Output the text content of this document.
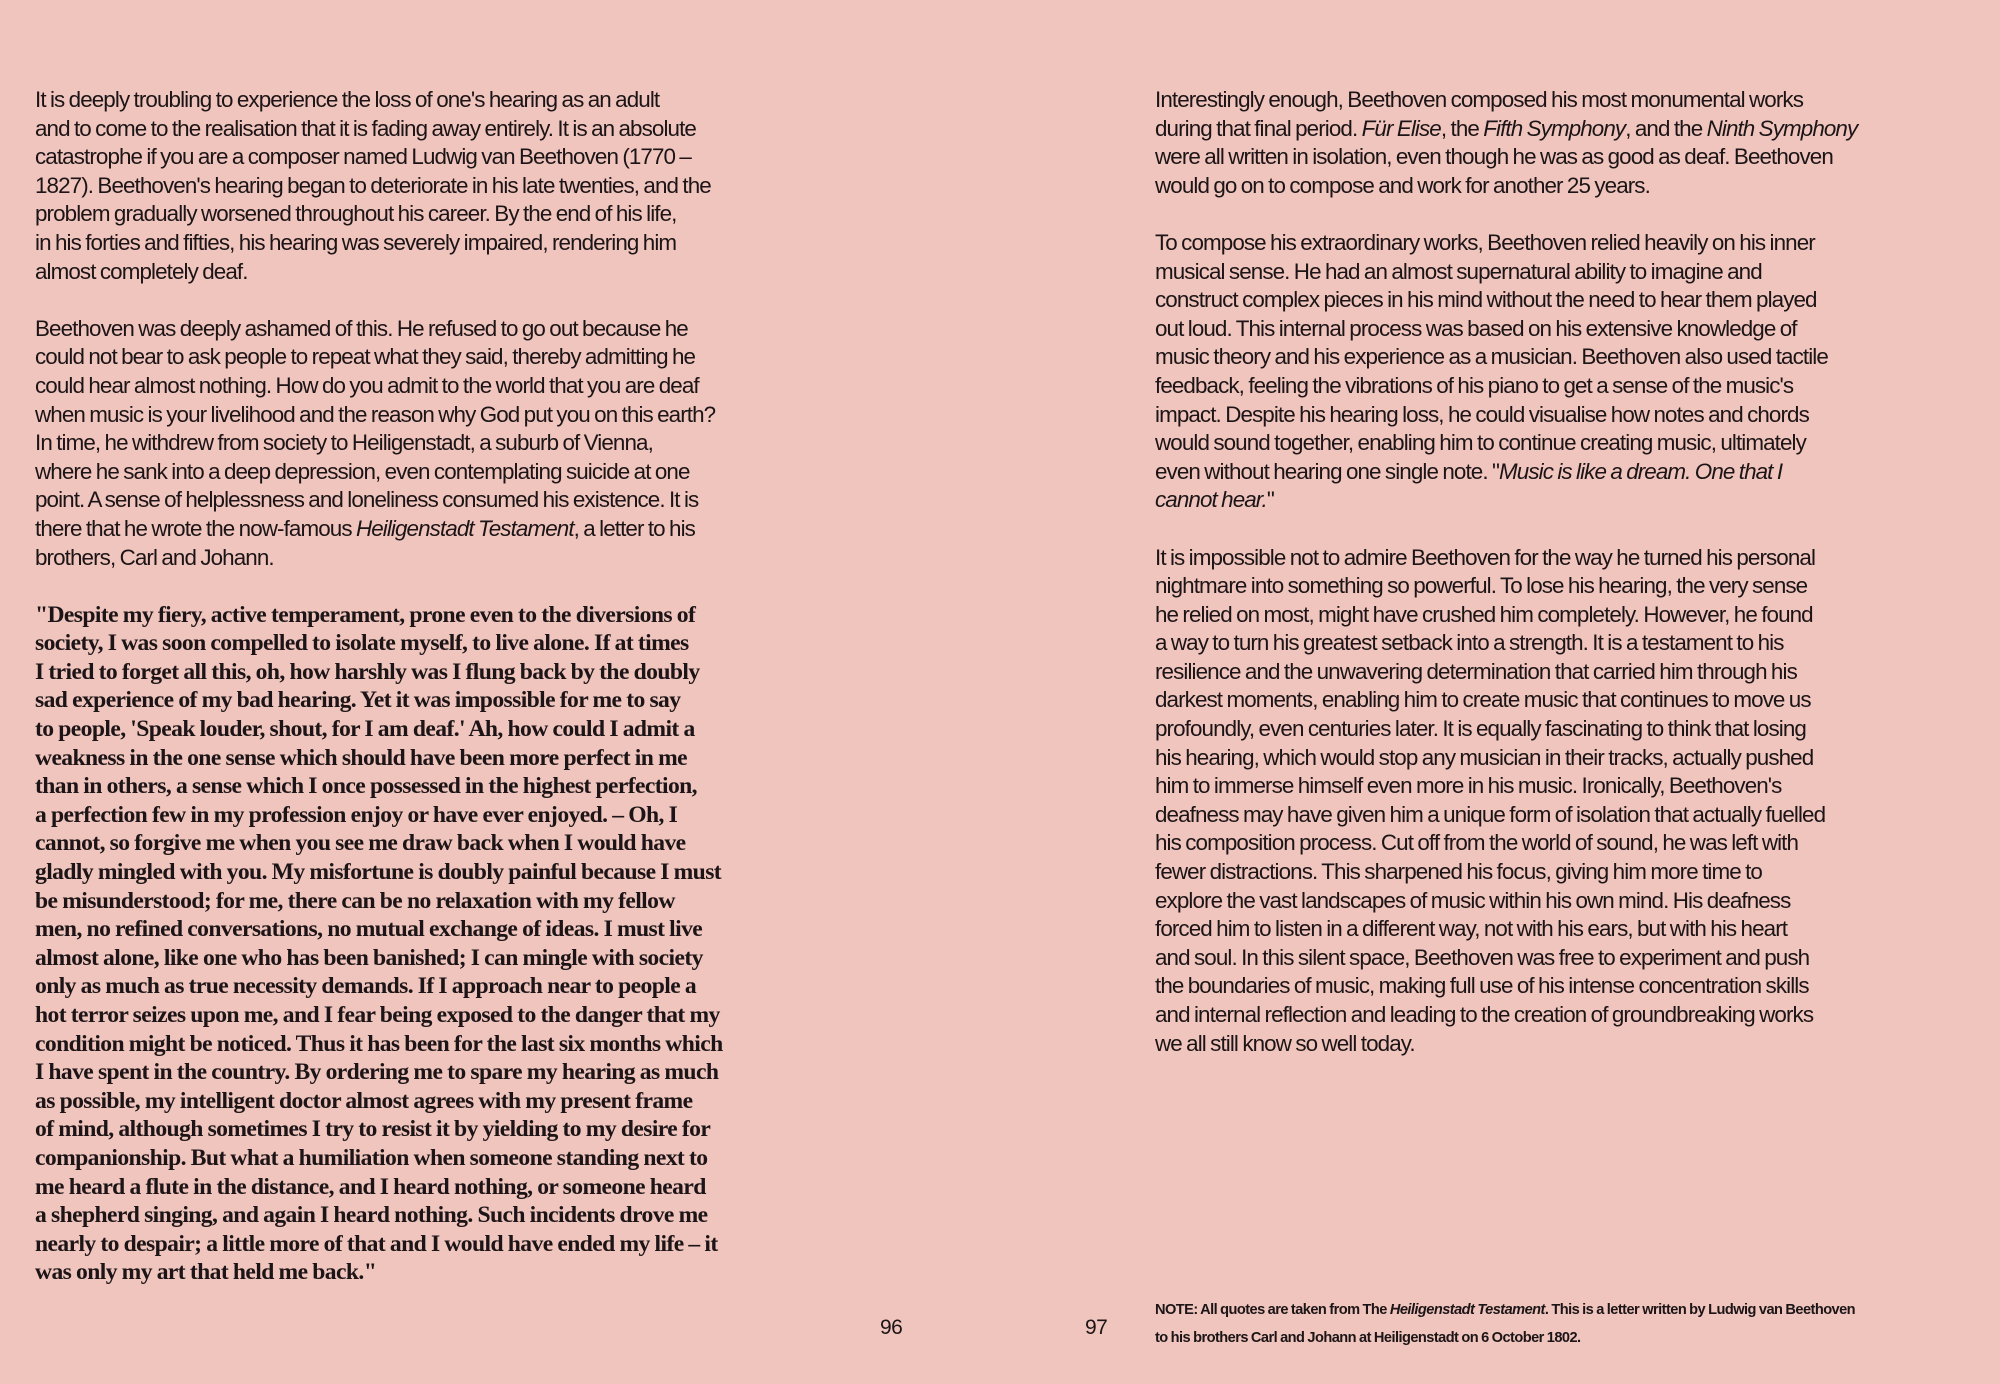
It is deeply troubling to experience the loss of one's hearing as an adult
and to come to the realisation that it is fading away entirely. It is an absolute
catastrophe if you are a composer named Ludwig van Beethoven (1770 –
1827). Beethoven's hearing began to deteriorate in his late twenties, and the
problem gradually worsened throughout his career. By the end of his life,
in his forties and fifties, his hearing was severely impaired, rendering him
almost completely deaf.

Beethoven was deeply ashamed of this. He refused to go out because he
could not bear to ask people to repeat what they said, thereby admitting he
could hear almost nothing. How do you admit to the world that you are deaf
when music is your livelihood and the reason why God put you on this earth?
In time, he withdrew from society to Heiligenstadt, a suburb of Vienna,
where he sank into a deep depression, even contemplating suicide at one
point. A sense of helplessness and loneliness consumed his existence. It is
there that he wrote the now-famous Heiligenstadt Testament, a letter to his
brothers, Carl and Johann.

"Despite my fiery, active temperament, prone even to the diversions of
society, I was soon compelled to isolate myself, to live alone. If at times
I tried to forget all this, oh, how harshly was I flung back by the doubly
sad experience of my bad hearing. Yet it was impossible for me to say
to people, 'Speak louder, shout, for I am deaf.' Ah, how could I admit a
weakness in the one sense which should have been more perfect in me
than in others, a sense which I once possessed in the highest perfection,
a perfection few in my profession enjoy or have ever enjoyed. – Oh, I
cannot, so forgive me when you see me draw back when I would have
gladly mingled with you. My misfortune is doubly painful because I must
be misunderstood; for me, there can be no relaxation with my fellow
men, no refined conversations, no mutual exchange of ideas. I must live
almost alone, like one who has been banished; I can mingle with society
only as much as true necessity demands. If I approach near to people a
hot terror seizes upon me, and I fear being exposed to the danger that my
condition might be noticed. Thus it has been for the last six months which
I have spent in the country. By ordering me to spare my hearing as much
as possible, my intelligent doctor almost agrees with my present frame
of mind, although sometimes I try to resist it by yielding to my desire for
companionship. But what a humiliation when someone standing next to
me heard a flute in the distance, and I heard nothing, or someone heard
a shepherd singing, and again I heard nothing. Such incidents drove me
nearly to despair; a little more of that and I would have ended my life – it
was only my art that held me back."

96

Interestingly enough, Beethoven composed his most monumental works
during that final period. Für Elise, the Fifth Symphony, and the Ninth Symphony
were all written in isolation, even though he was as good as deaf. Beethoven
would go on to compose and work for another 25 years.

To compose his extraordinary works, Beethoven relied heavily on his inner
musical sense. He had an almost supernatural ability to imagine and
construct complex pieces in his mind without the need to hear them played
out loud. This internal process was based on his extensive knowledge of
music theory and his experience as a musician. Beethoven also used tactile
feedback, feeling the vibrations of his piano to get a sense of the music's
impact. Despite his hearing loss, he could visualise how notes and chords
would sound together, enabling him to continue creating music, ultimately
even without hearing one single note. "Music is like a dream. One that I
cannot hear."

It is impossible not to admire Beethoven for the way he turned his personal
nightmare into something so powerful. To lose his hearing, the very sense
he relied on most, might have crushed him completely. However, he found
a way to turn his greatest setback into a strength. It is a testament to his
resilience and the unwavering determination that carried him through his
darkest moments, enabling him to create music that continues to move us
profoundly, even centuries later. It is equally fascinating to think that losing
his hearing, which would stop any musician in their tracks, actually pushed
him to immerse himself even more in his music. Ironically, Beethoven's
deafness may have given him a unique form of isolation that actually fuelled
his composition process. Cut off from the world of sound, he was left with
fewer distractions. This sharpened his focus, giving him more time to
explore the vast landscapes of music within his own mind. His deafness
forced him to listen in a different way, not with his ears, but with his heart
and soul. In this silent space, Beethoven was free to experiment and push
the boundaries of music, making full use of his intense concentration skills
and internal reflection and leading to the creation of groundbreaking works
we all still know so well today.

97
NOTE: All quotes are taken from The Heiligenstadt Testament. This is a letter written by Ludwig van Beethoven
to his brothers Carl and Johann at Heiligenstadt on 6 October 1802.
